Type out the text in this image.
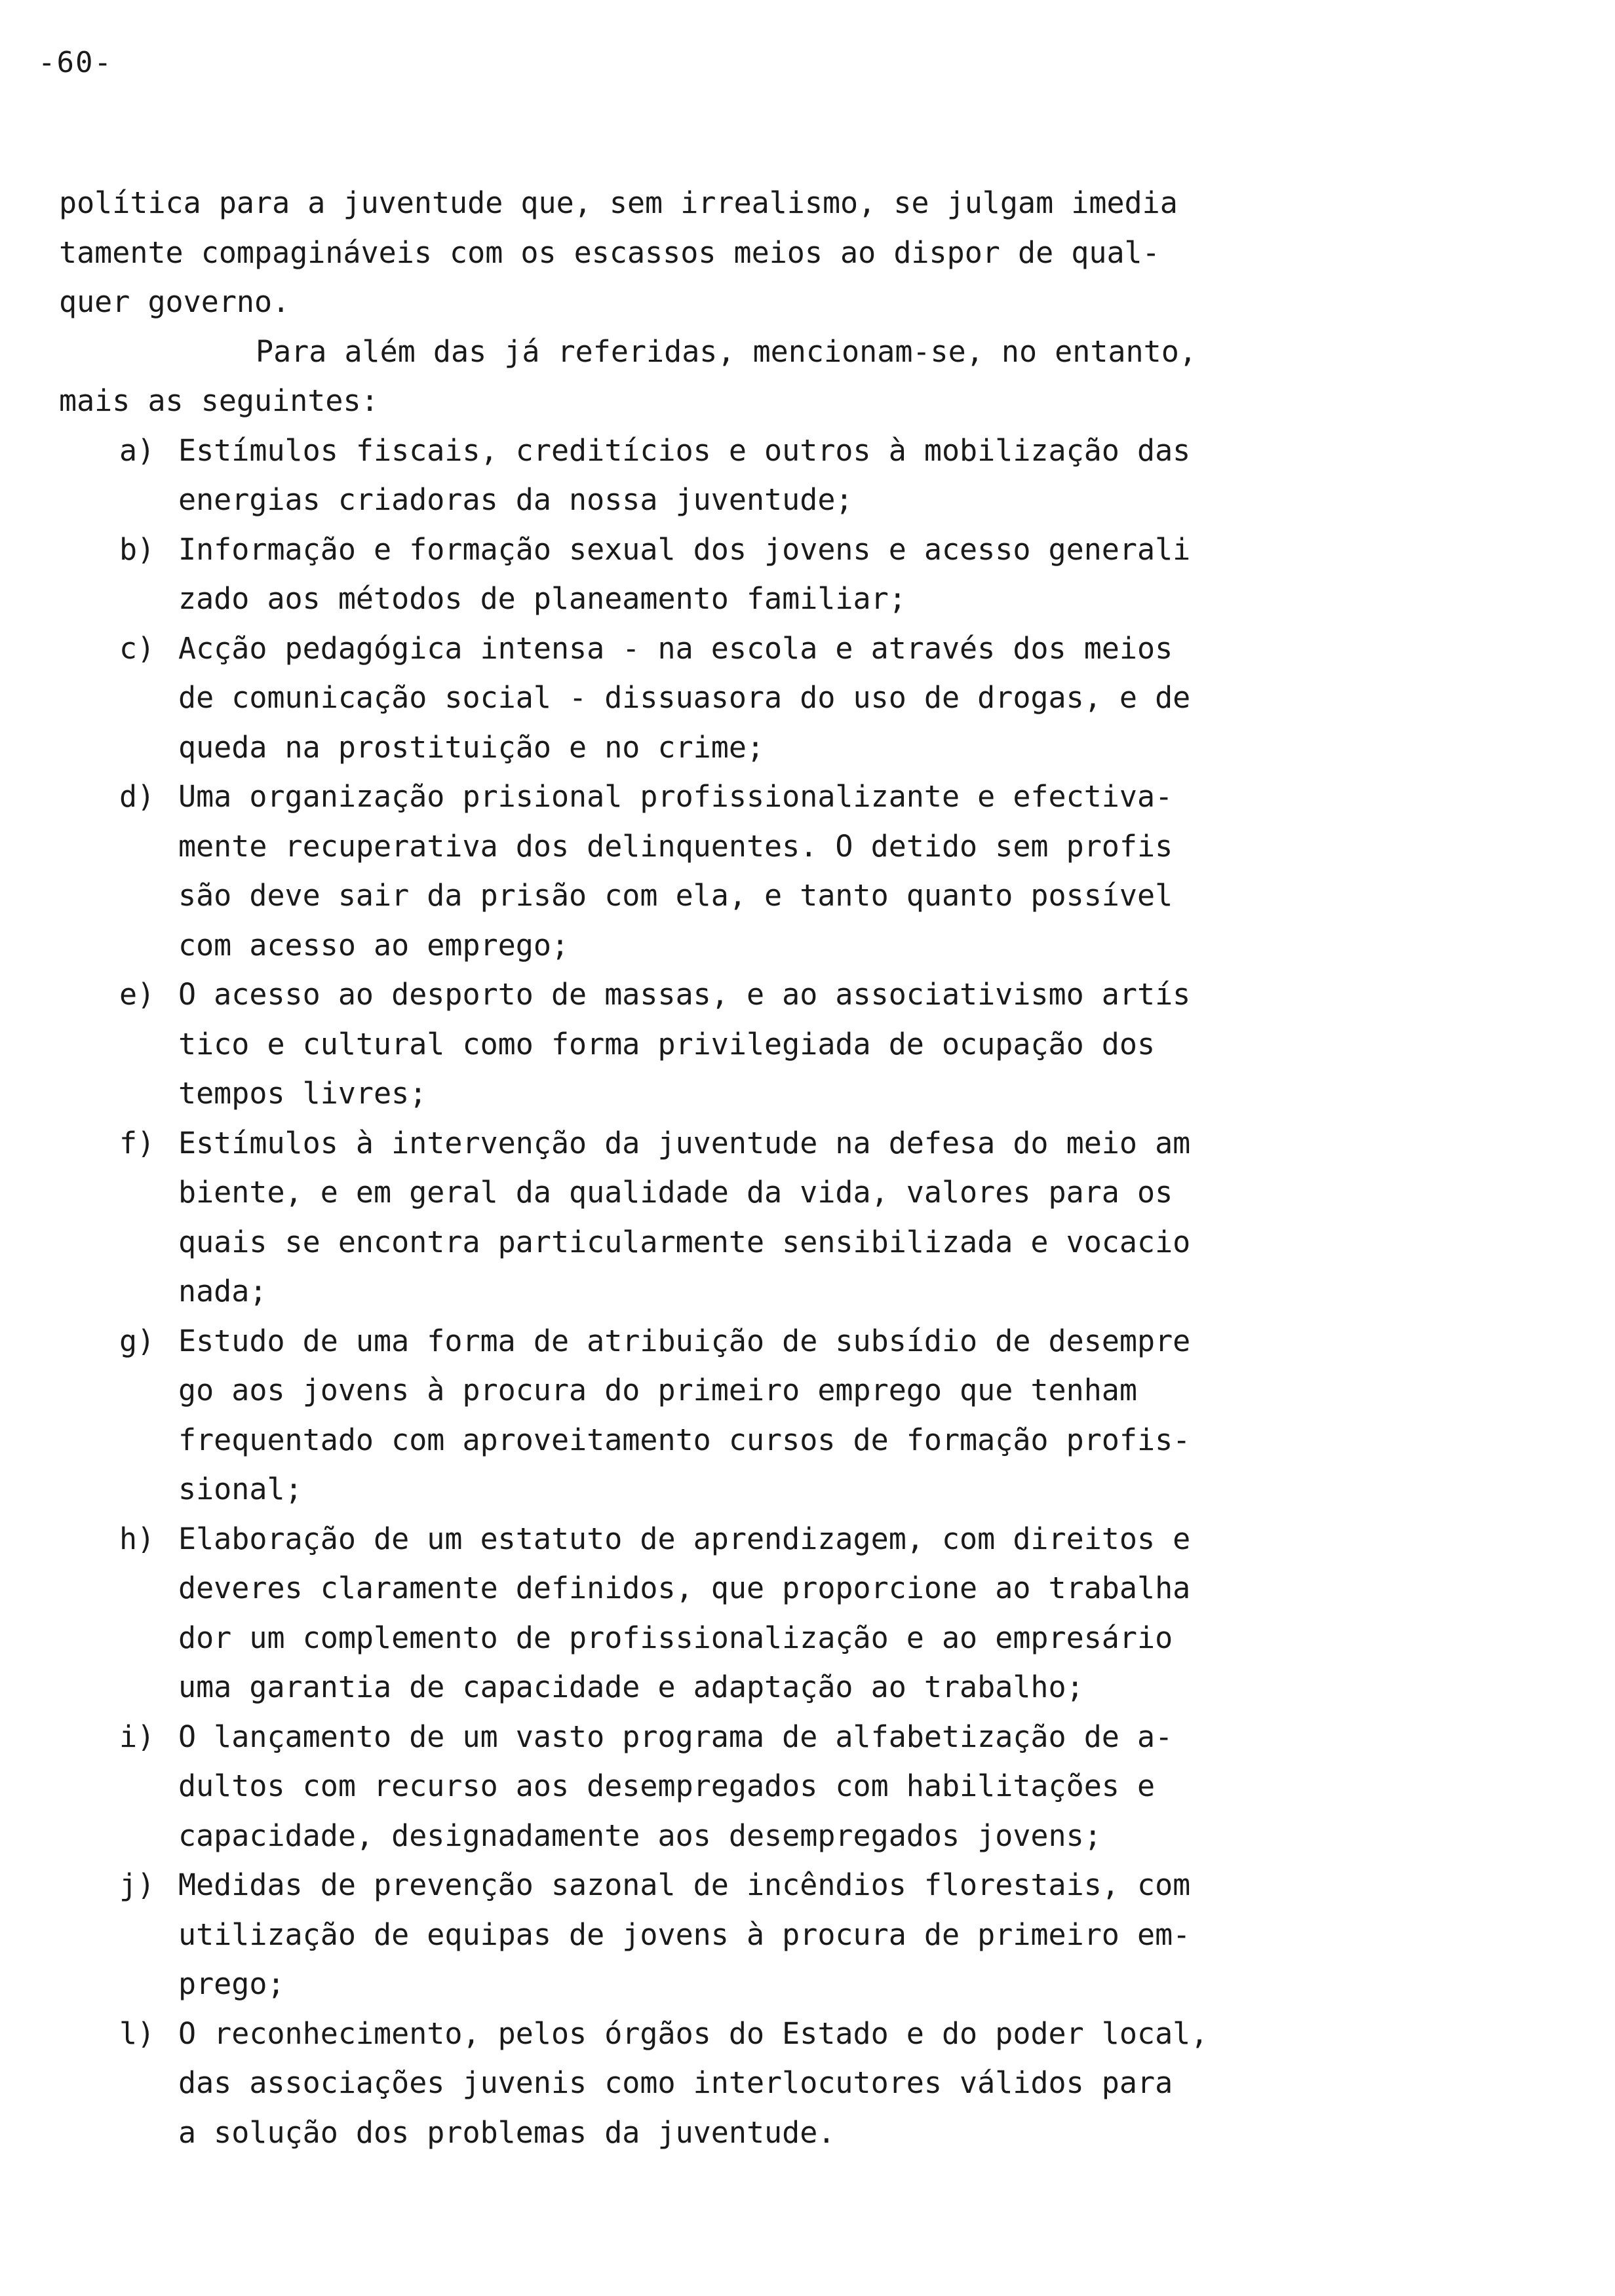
-60-
política para a juventude que, sem irrealismo, se julgam imedia
tamente compagináveis com os escassos meios ao dispor de qual-
quer governo.
Para além das já referidas, mencionam-se, no entanto,
mais as seguintes:
a) Estímulos fiscais, creditícios e outros à mobilização das
energias criadoras da nossa juventude;
b) Informação e formação sexual dos jovens e acesso generali
zado aos métodos de planeamento familiar;
c) Acção pedagógica intensa - na escola e através dos meios
de comunicação social - dissuasora do uso de drogas, e de
queda na prostituição e no crime;
d) Uma organização prisional profissionalizante e efectiva-
mente recuperativa dos delinquentes. O detido sem profis
são deve sair da prisão com ela, e tanto quanto possível
com acesso ao emprego;
e) O acesso ao desporto de massas, e ao associativismo artís
tico e cultural como forma privilegiada de ocupação dos
tempos livres;
f) Estímulos à intervenção da juventude na defesa do meio am
biente, e em geral da qualidade da vida, valores para os
quais se encontra particularmente sensibilizada e vocacio
nada;
g) Estudo de uma forma de atribuição de subsídio de desempre
go aos jovens à procura do primeiro emprego que tenham
frequentado com aproveitamento cursos de formação profis-
sional;
h) Elaboração de um estatuto de aprendizagem, com direitos e
deveres claramente definidos, que proporcione ao trabalha
dor um complemento de profissionalização e ao empresário
uma garantia de capacidade e adaptação ao trabalho;
i) O lançamento de um vasto programa de alfabetização de a-
dultos com recurso aos desempregados com habilitações e
capacidade, designadamente aos desempregados jovens;
j) Medidas de prevenção sazonal de incêndios florestais, com
utilização de equipas de jovens à procura de primeiro em-
prego;
l) O reconhecimento, pelos órgãos do Estado e do poder local,
das associações juvenis como interlocutores válidos para
a solução dos problemas da juventude.
